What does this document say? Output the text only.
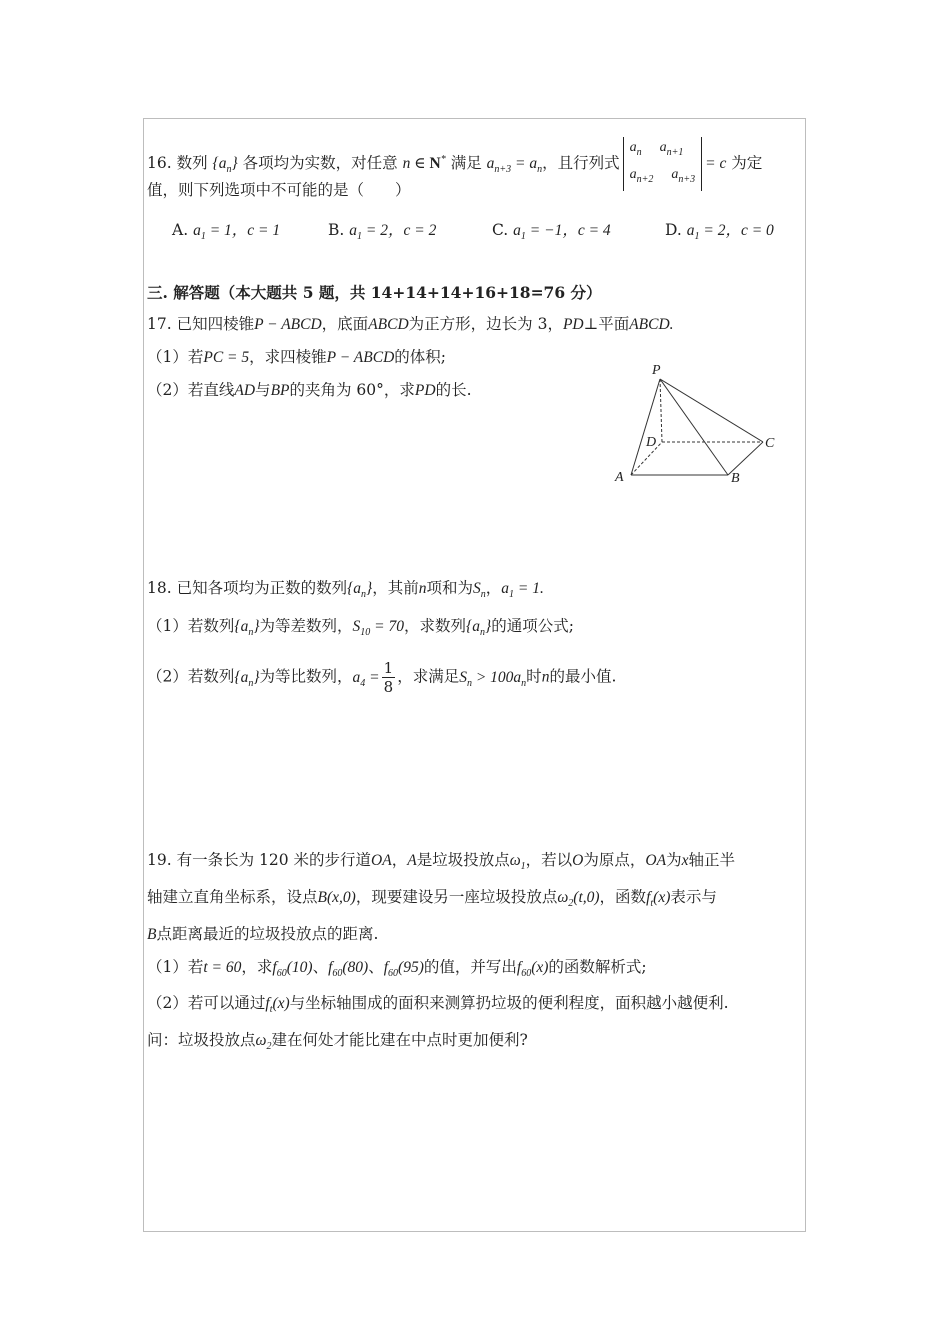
16. 数列 $\{a_n\}$ 各项均为实数，对任意 n ∈ N* 满足 $a_{n+3} = a_n$，且行列式
$a_n$ $a_{n+1}$
$a_{n+2}$ $a_{n+3}$
= c 为定
值，则下列选项中不可能的是（　　）
A. $a_1 = 1$，c = 1	B. $a_1 = 2$，c = 2	C. $a_1 = -1$，c = 4	D. $a_1 = 2$，c = 0
三. 解答题（本大题共 5 题，共 14+14+14+16+18=76 分）
17. 已知四棱锥P − ABCD，底面ABCD为正方形，边长为 3，PD⊥平面ABCD.
（1）若PC = 5，求四棱锥P − ABCD的体积;
（2）若直线AD与BP的夹角为 60°，求PD的长.
P
D	C
A	B
18. 已知各项均为正数的数列$\{a_n\}$，其前n项和为$S_n$，$a_1 = 1$.
（1）若数列$\{a_n\}$为等差数列，$S_{10} = 70$，求数列$\{a_n\}$的通项公式;
（2）若数列$\{a_n\}$为等比数列，$a_4 = \frac{1}{8}$ ，求满足$S_n > 100a_n$时n的最小值.
19. 有一条长为 120 米的步行道OA，A是垃圾投放点$\omega_1$，若以O为原点，OA为x轴正半
轴建立直角坐标系，设点B(x,0)，现要建设另一座垃圾投放点$\omega_2(t,0)$，函数$f_t(x)$表示与
B点距离最近的垃圾投放点的距离.
（1）若t = 60，求$f_{60}(10)$、$f_{60}(80)$、$f_{60}(95)$的值，并写出$f_{60}(x)$的函数解析式;
（2）若可以通过$f_t(x)$与坐标轴围成的面积来测算扔垃圾的便利程度，面积越小越便利.
问：垃圾投放点$\omega_2$建在何处才能比建在中点时更加便利?
